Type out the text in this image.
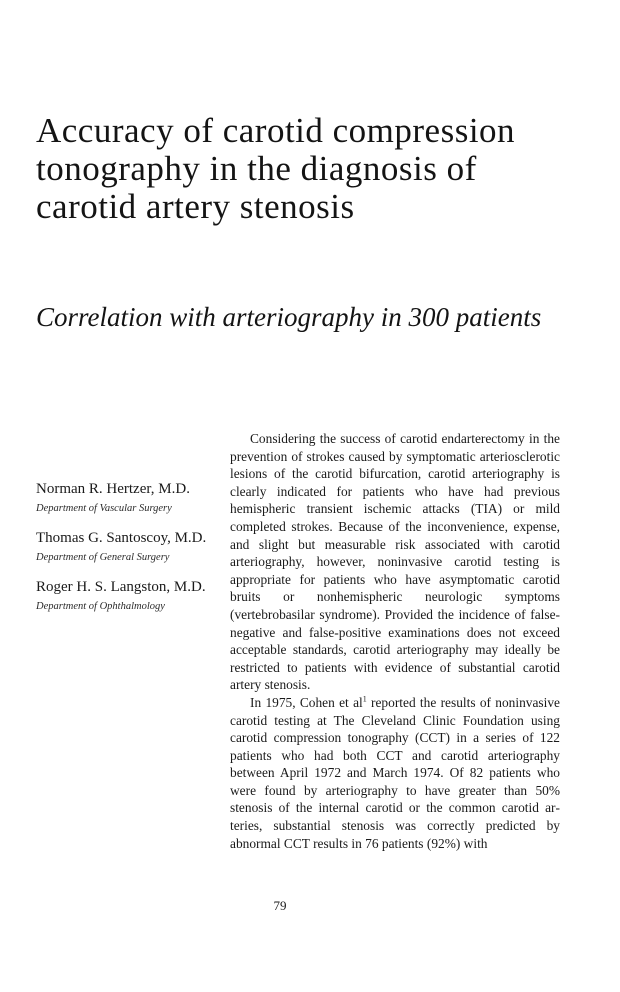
Accuracy of carotid compression tonography in the diagnosis of carotid artery stenosis
Correlation with arteriography in 300 patients
Norman R. Hertzer, M.D.
Department of Vascular Surgery
Thomas G. Santoscoy, M.D.
Department of General Surgery
Roger H. S. Langston, M.D.
Department of Ophthalmology

Considering the success of carotid endarterectomy in the prevention of strokes caused by symptomatic arteriosclerotic lesions of the carotid bifurcation, carotid arteriography is clearly indicated for patients who have had previous hemispheric transient ischemic attacks (TIA) or mild completed strokes. Because of the inconvenience, expense, and slight but measurable risk associated with carotid arteriography, however, noninvasive carotid testing is appropriate for patients who have asymptomatic carotid bruits or nonhemispheric neurologic symptoms (vertebrobasilar syndrome). Provided the incidence of false-negative and false-positive examinations does not exceed acceptable standards, carotid arteriography may ideally be restricted to patients with evidence of substantial carotid artery stenosis.

In 1975, Cohen et $al^1$ reported the results of noninvasive carotid testing at The Cleveland Clinic Foundation using carotid compression tonography (CCT) in a series of 122 patients who had both CCT and carotid arteriography between April 1972 and March 1974. Of 82 patients who were found by arteriography to have greater than 50% stenosis of the internal carotid or the common carotid arteries, substantial stenosis was correctly predicted by abnormal CCT results in 76 patients (92%) with

79
